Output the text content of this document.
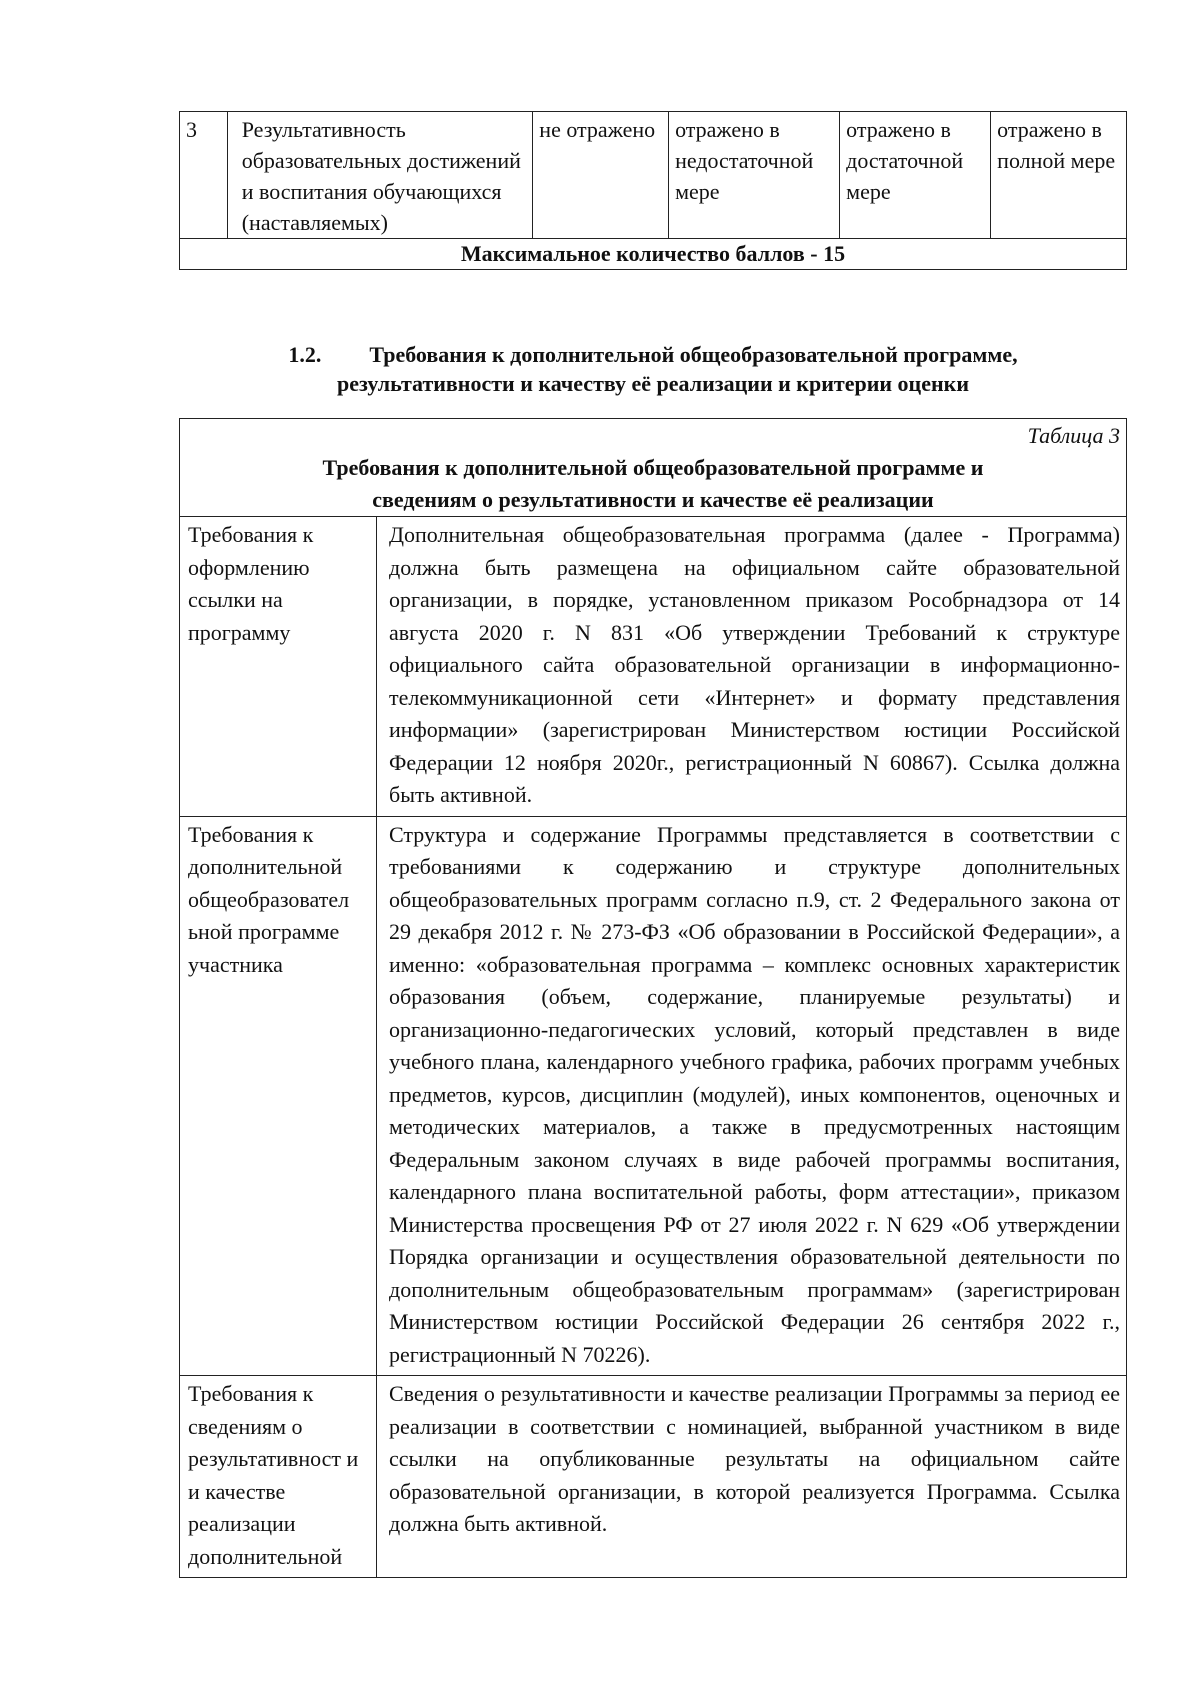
3	Результативность образовательных достижений и воспитания обучающихся (наставляемых)	не отражено	отражено в недостаточной мере	отражено в достаточной мере	отражено в полной мере
Максимальное количество баллов - 15
1.2. Требования к дополнительной общеобразовательной программе,
результативности и качеству её реализации и критерии оценки
Таблица 3
Требования к дополнительной общеобразовательной программе и
сведениям о результативности и качестве её реализации	

Требования к оформлению ссылки на программу	Дополнительная общеобразовательная программа (далее - Программа) должна быть размещена на официальном сайте образовательной организации, в порядке, установленном приказом Рособрнадзора от 14 августа 2020 г. N 831 «Об утверждении Требований к структуре официального сайта образовательной организации в информационно-телекоммуникационной сети «Интернет» и формату представления информации» (зарегистрирован Министерством юстиции Российской Федерации 12 ноября 2020г., регистрационный N 60867). Ссылка должна быть активной.
Требования к дополнительной общеобразовател ьной программе участника	Структура и содержание Программы представляется в соответствии с требованиями к содержанию и структуре дополнительных общеобразовательных программ согласно п.9, ст. 2 Федерального закона от 29 декабря 2012 г. № 273-ФЗ «Об образовании в Российской Федерации», а именно: «образовательная программа – комплекс основных характеристик образования (объем, содержание, планируемые результаты) и организационно-педагогических условий, который представлен в виде учебного плана, календарного учебного графика, рабочих программ учебных предметов, курсов, дисциплин (модулей), иных компонентов, оценочных и методических материалов, а также в предусмотренных настоящим Федеральным законом случаях в виде рабочей программы воспитания, календарного плана воспитательной работы, форм аттестации», приказом Министерства просвещения РФ от 27 июля 2022 г. N 629 «Об утверждении Порядка организации и осуществления образовательной деятельности по дополнительным общеобразовательным программам» (зарегистрирован Министерством юстиции Российской Федерации 26 сентября 2022 г., регистрационный N 70226).
Требования к сведениям о результативност и и качестве реализации дополнительной	Сведения о результативности и качестве реализации Программы за период ее реализации в соответствии с номинацией, выбранной участником в виде ссылки на опубликованные результаты на официальном сайте образовательной организации, в которой реализуется Программа. Ссылка должна быть активной.
